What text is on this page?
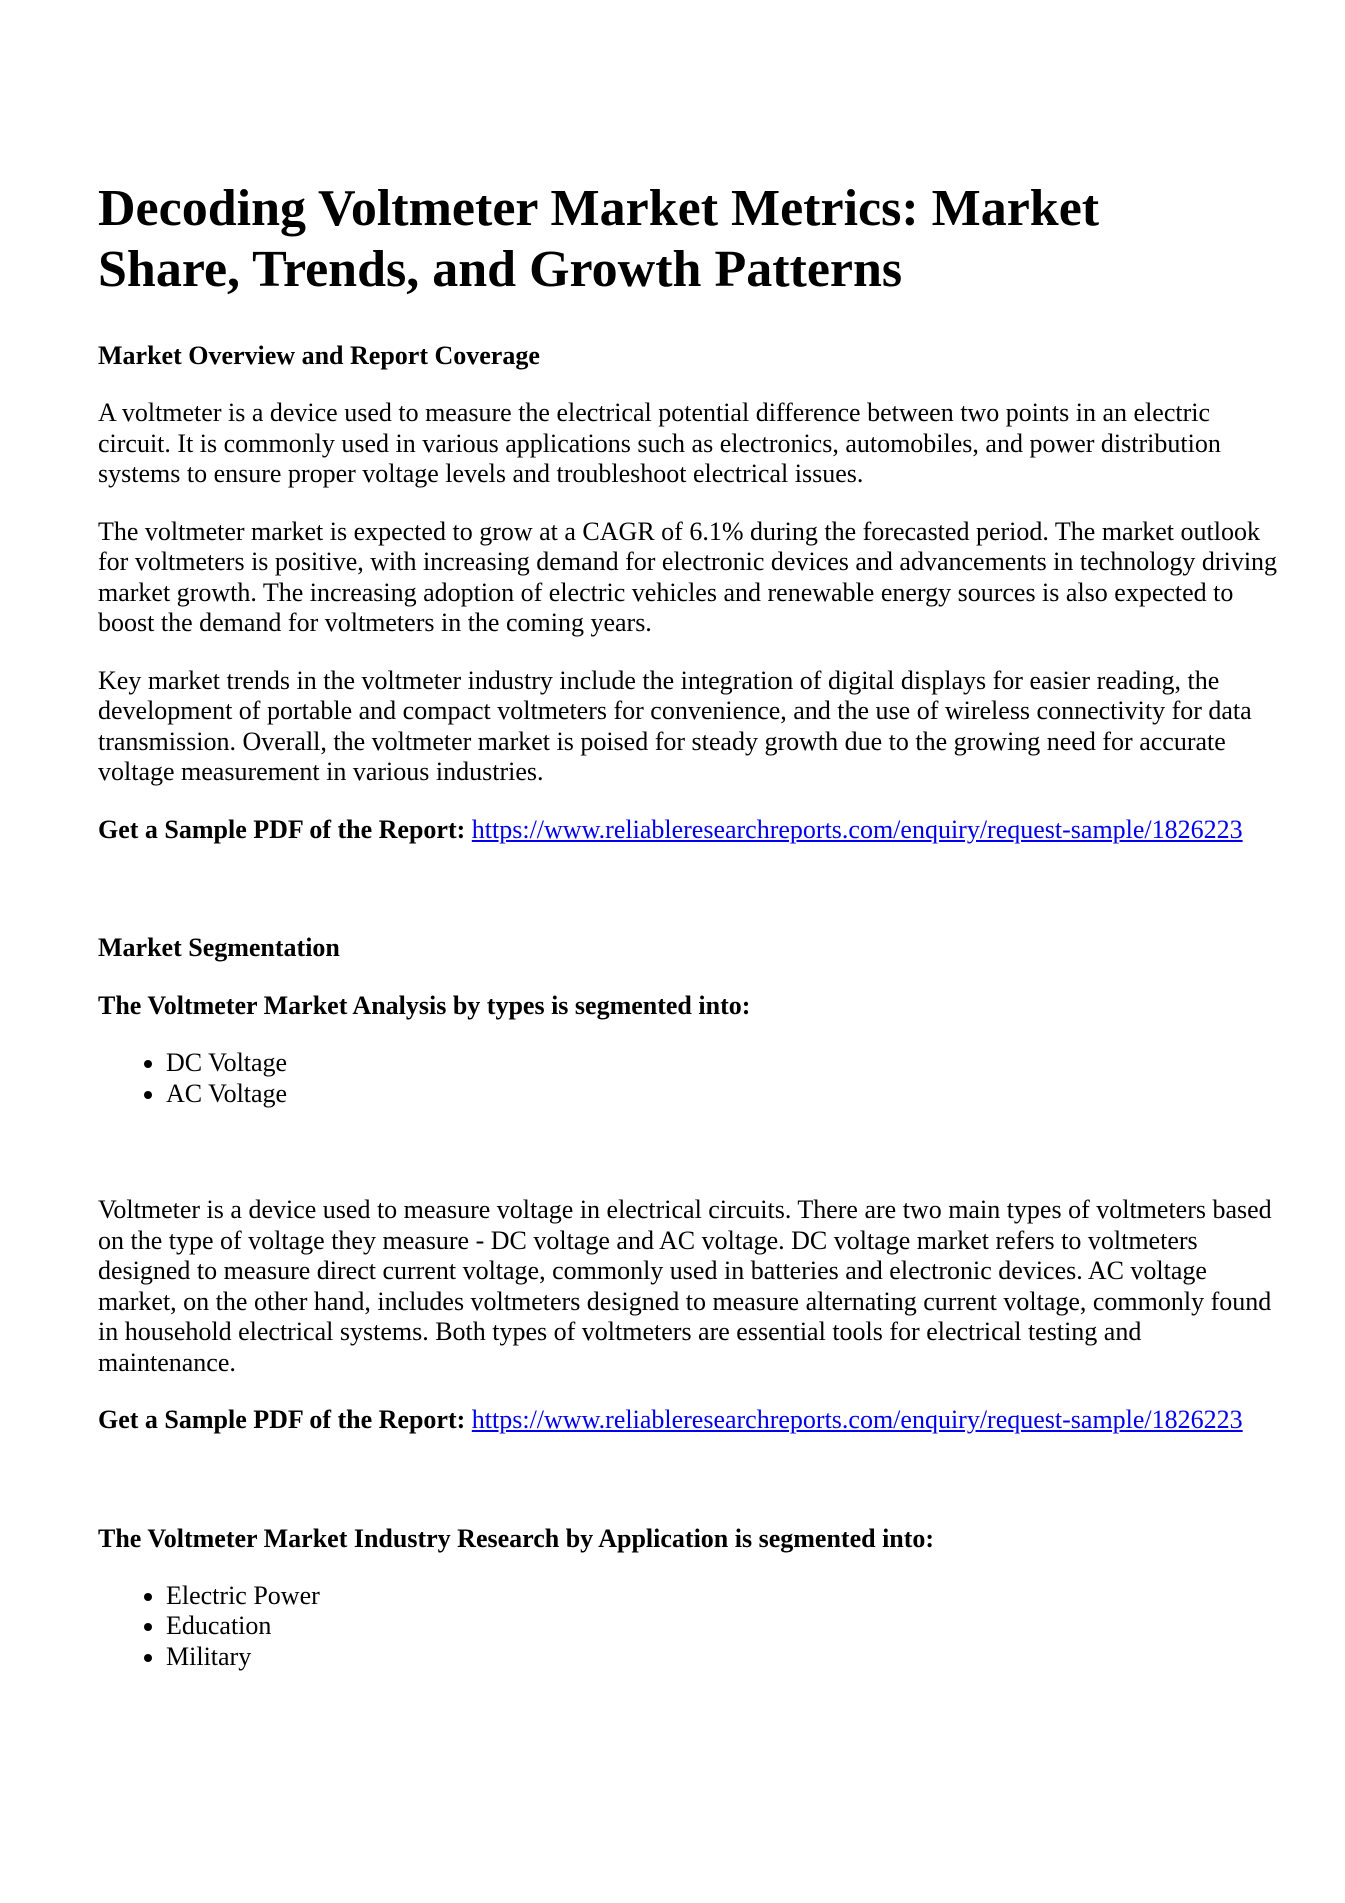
Decoding Voltmeter Market Metrics: Market Share, Trends, and Growth Patterns
Market Overview and Report Coverage

A voltmeter is a device used to measure the electrical potential difference between two points in an electric circuit. It is commonly used in various applications such as electronics, automobiles, and power distribution systems to ensure proper voltage levels and troubleshoot electrical issues.

The voltmeter market is expected to grow at a CAGR of 6.1% during the forecasted period. The market outlook for voltmeters is positive, with increasing demand for electronic devices and advancements in technology driving market growth. The increasing adoption of electric vehicles and renewable energy sources is also expected to boost the demand for voltmeters in the coming years.

Key market trends in the voltmeter industry include the integration of digital displays for easier reading, the development of portable and compact voltmeters for convenience, and the use of wireless connectivity for data transmission. Overall, the voltmeter market is poised for steady growth due to the growing need for accurate voltage measurement in various industries.

Get a Sample PDF of the Report: https://www.reliableresearchreports.com/enquiry/request-sample/1826223

Market Segmentation
The Voltmeter Market Analysis by types is segmented into:
• DC Voltage
• AC Voltage

Voltmeter is a device used to measure voltage in electrical circuits. There are two main types of voltmeters based on the type of voltage they measure - DC voltage and AC voltage. DC voltage market refers to voltmeters designed to measure direct current voltage, commonly used in batteries and electronic devices. AC voltage market, on the other hand, includes voltmeters designed to measure alternating current voltage, commonly found in household electrical systems. Both types of voltmeters are essential tools for electrical testing and maintenance.

Get a Sample PDF of the Report: https://www.reliableresearchreports.com/enquiry/request-sample/1826223

The Voltmeter Market Industry Research by Application is segmented into:
• Electric Power
• Education
• Military
